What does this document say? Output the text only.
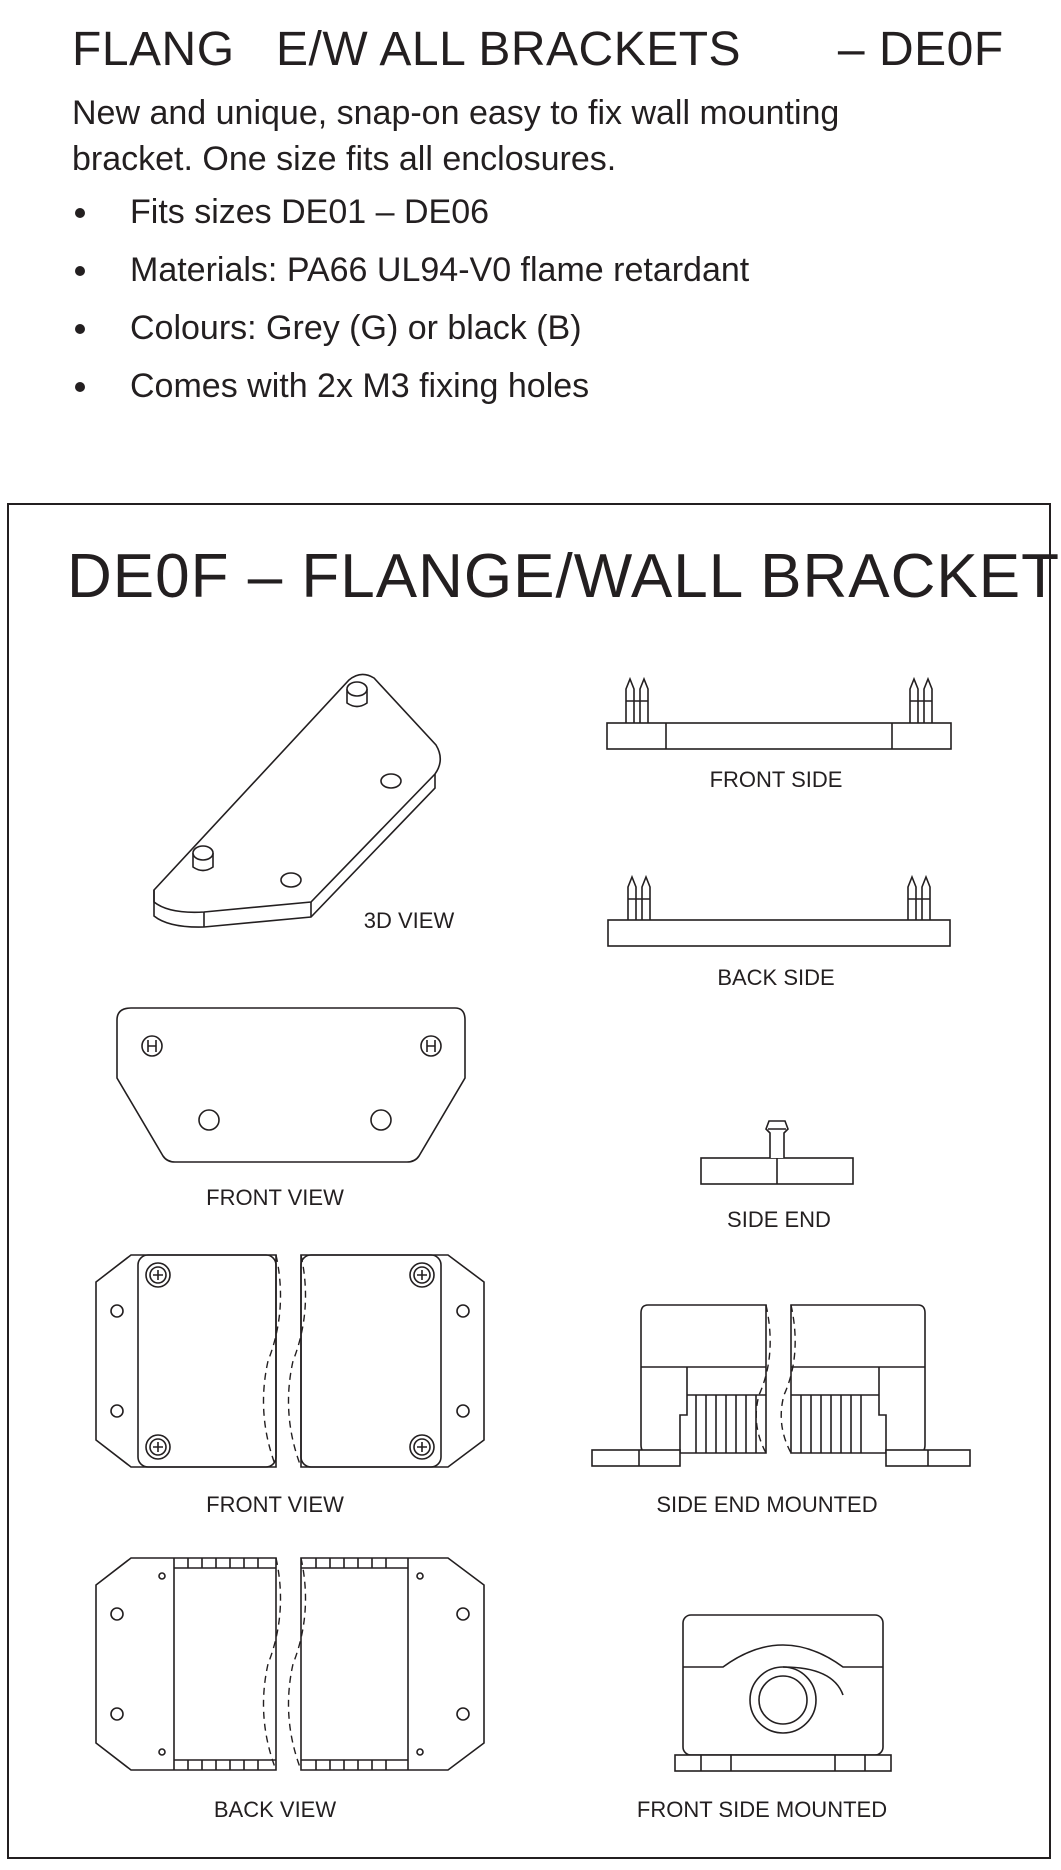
FLANG   E/W ALL BRACKETS       – DE0F

New and unique, snap-on easy to fix wall mounting bracket. One size fits all enclosures.

Fits sizes DE01 – DE06
Materials: PA66 UL94-V0 flame retardant
Colours: Grey (G) or black (B)
Comes with 2x M3 fixing holes
DE0F – FLANGE/WALL BRACKET
3D VIEW
FRONT SIDE
BACK SIDE
FRONT VIEW
SIDE END
FRONT VIEW	SIDE END MOUNTED
BACK VIEW	FRONT SIDE MOUNTED
